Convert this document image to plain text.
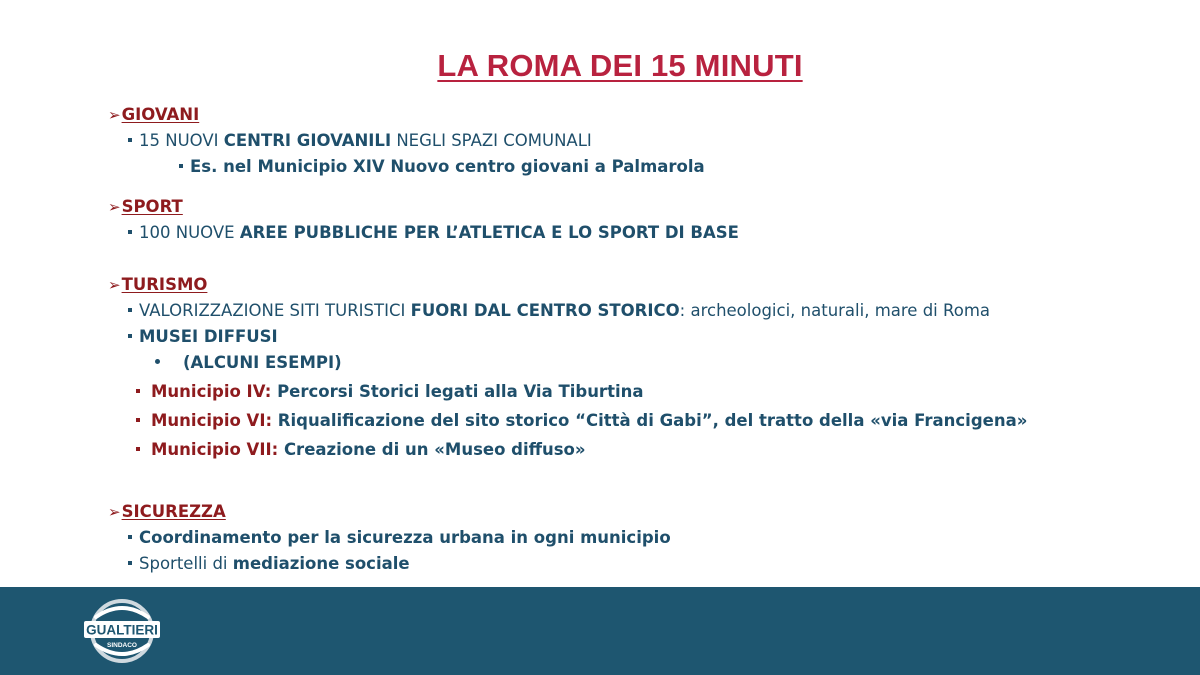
LA ROMA DEI 15 MINUTI
➢GIOVANI
15 NUOVI CENTRI GIOVANILI NEGLI SPAZI COMUNALI
Es. nel Municipio XIV Nuovo centro giovani a Palmarola
➢SPORT
100 NUOVE AREE PUBBLICHE PER L’ATLETICA E LO SPORT DI BASE
➢TURISMO
VALORIZZAZIONE SITI TURISTICI FUORI DAL CENTRO STORICO: archeologici, naturali, mare di Roma
MUSEI DIFFUSI
(ALCUNI ESEMPI)
Municipio IV: Percorsi Storici legati alla Via Tiburtina
Municipio VI: Riqualificazione del sito storico “Città di Gabi”, del tratto della «via Francigena»
Municipio VII: Creazione di un «Museo diffuso»
➢SICUREZZA
Coordinamento per la sicurezza urbana in ogni municipio
Sportelli di mediazione sociale
GUALTIERI
SINDACO
